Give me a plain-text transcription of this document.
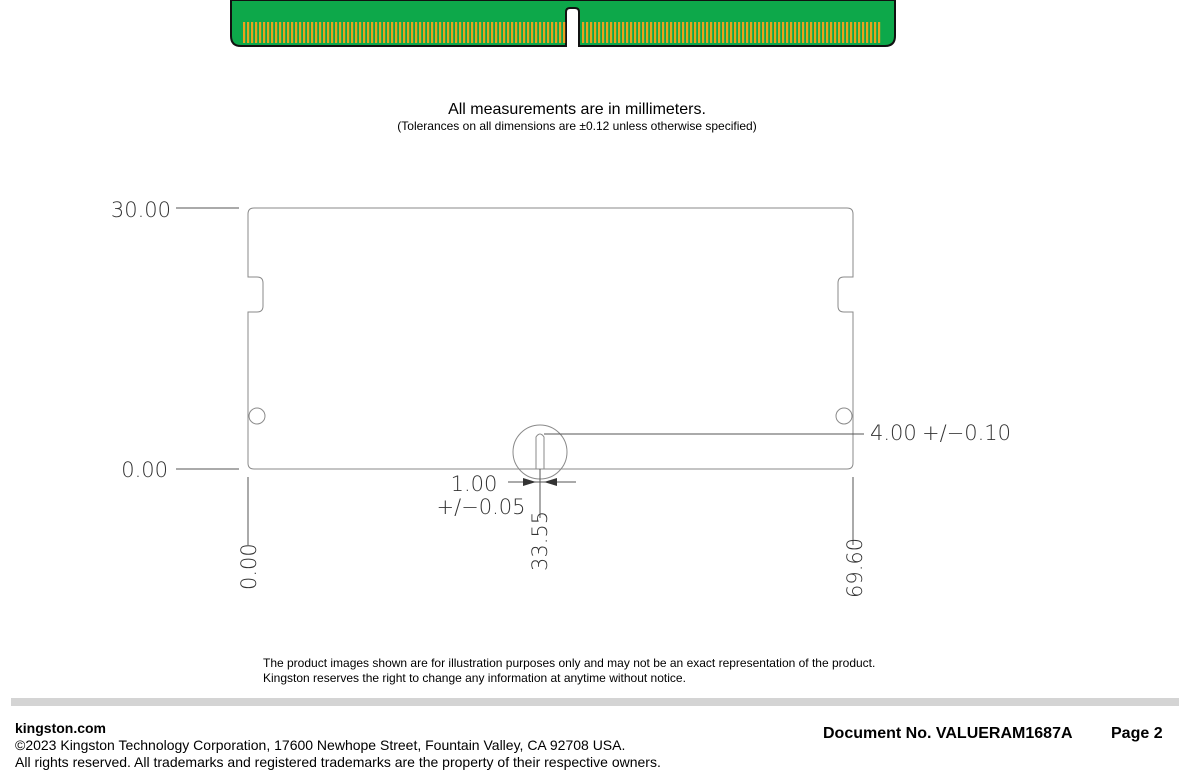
All measurements are in millimeters.
(Tolerances on all dimensions are ±0.12 unless otherwise specified)
30.00
0.00
0.00	33.55	69.60
1.00
+/−0.05
4.00 +/−0.10
The product images shown are for illustration purposes only and may not be an exact representation of the product.
Kingston reserves the right to change any information at anytime without notice.
kingston.com
©2023 Kingston Technology Corporation, 17600 Newhope Street, Fountain Valley, CA 92708 USA.
All rights reserved. All trademarks and registered trademarks are the property of their respective owners.
Document No. VALUERAM1687A Page 2
